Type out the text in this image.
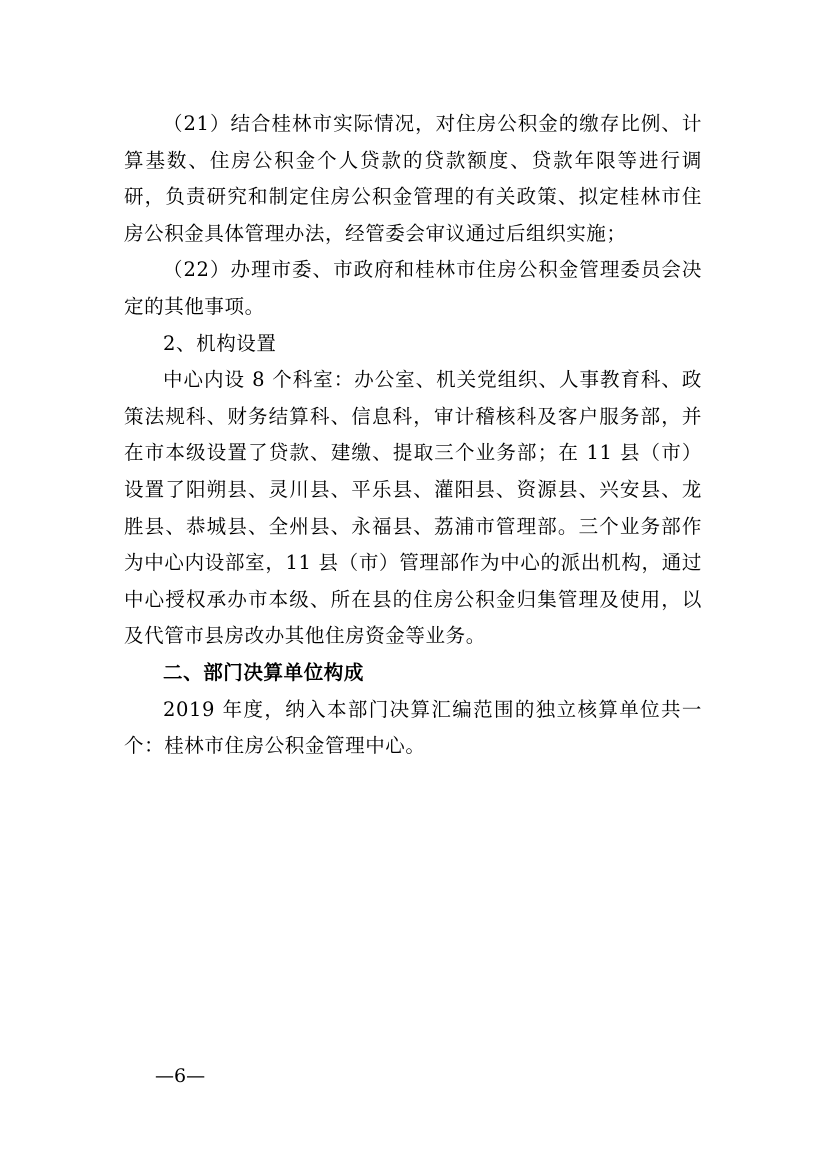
（21）结合桂林市实际情况，对住房公积金的缴存比例、计算基数、住房公积金个人贷款的贷款额度、贷款年限等进行调研，负责研究和制定住房公积金管理的有关政策、拟定桂林市住房公积金具体管理办法，经管委会审议通过后组织实施；

（22）办理市委、市政府和桂林市住房公积金管理委员会决定的其他事项。

2、机构设置

中心内设 8 个科室：办公室、机关党组织、人事教育科、政策法规科、财务结算科、信息科，审计稽核科及客户服务部，并在市本级设置了贷款、建缴、提取三个业务部；在 11 县（市）设置了阳朔县、灵川县、平乐县、灌阳县、资源县、兴安县、龙胜县、恭城县、全州县、永福县、荔浦市管理部。三个业务部作为中心内设部室，11 县（市）管理部作为中心的派出机构，通过中心授权承办市本级、所在县的住房公积金归集管理及使用，以及代管市县房改办其他住房资金等业务。

二、部门决算单位构成

2019 年度，纳入本部门决算汇编范围的独立核算单位共一个：桂林市住房公积金管理中心。

—6—
